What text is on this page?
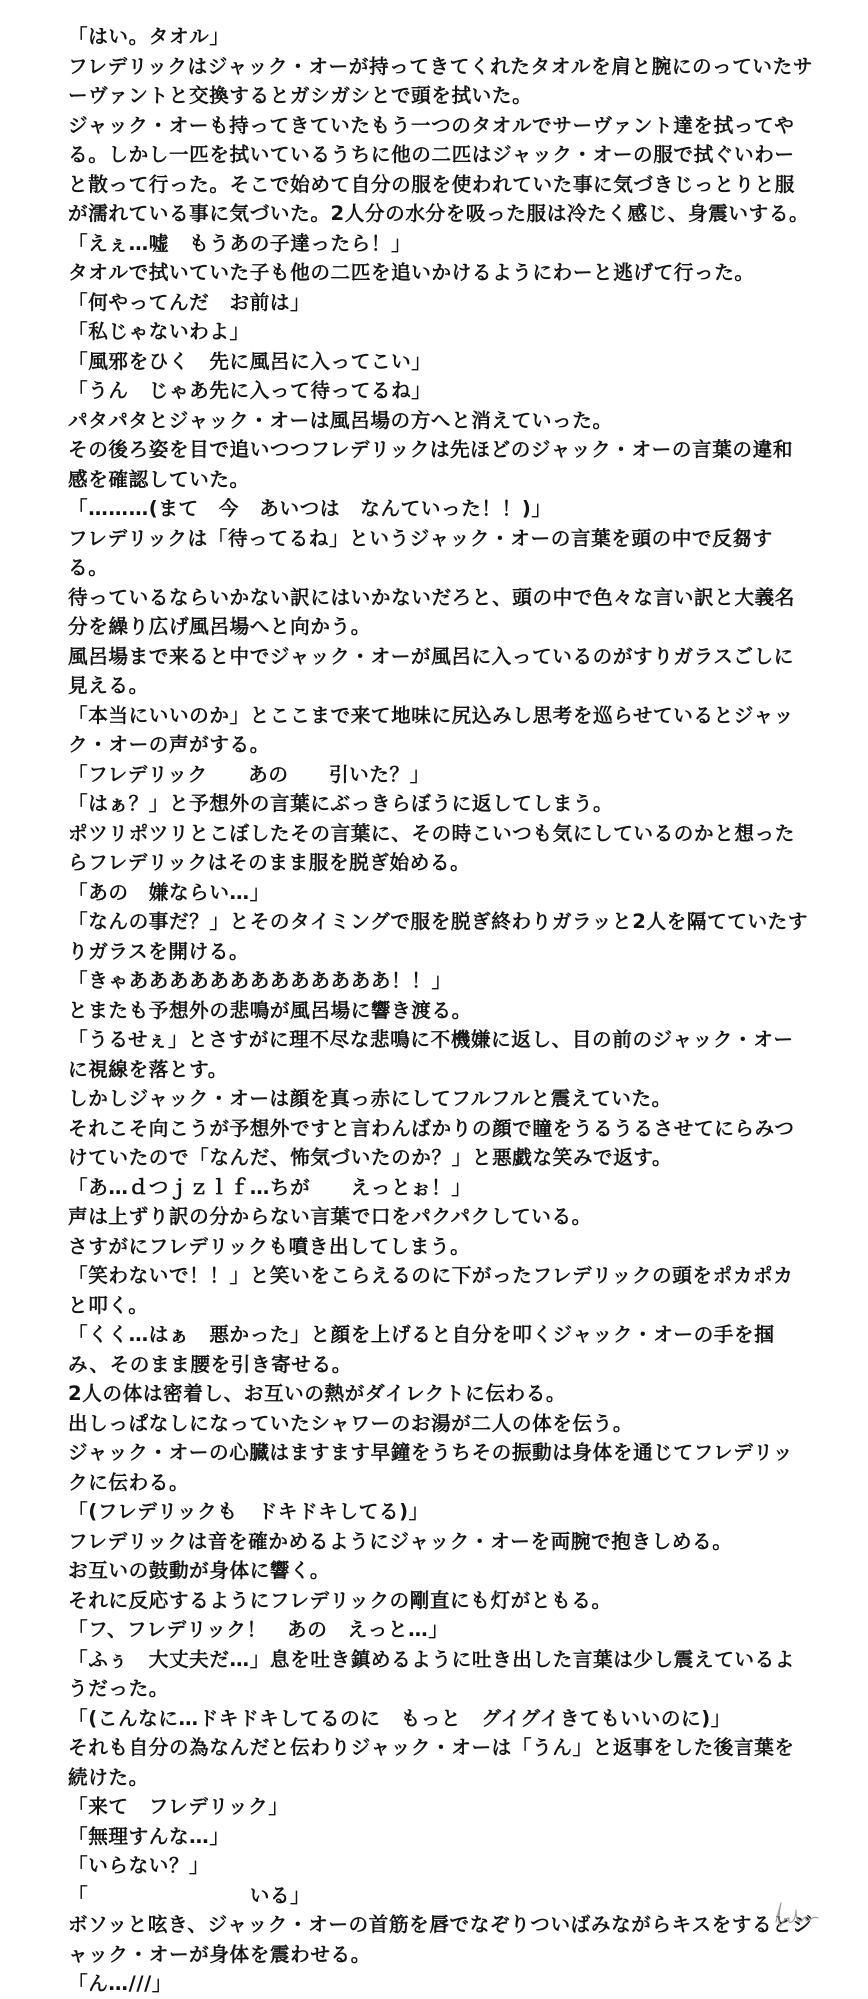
「はい。タオル」

フレデリックはジャック・オーが持ってきてくれたタオルを肩と腕にのっていたサーヴァントと交換するとガシガシとで頭を拭いた。

ジャック・オーも持ってきていたもう一つのタオルでサーヴァント達を拭ってやる。しかし一匹を拭いているうちに他の二匹はジャック・オーの服で拭ぐいわーと散って行った。そこで始めて自分の服を使われていた事に気づきじっとりと服が濡れている事に気づいた。2人分の水分を吸った服は冷たく感じ、身震いする。

「えぇ…嘘　もうあの子達ったら！」

タオルで拭いていた子も他の二匹を追いかけるようにわーと逃げて行った。

「何やってんだ　お前は」

「私じゃないわよ」

「風邪をひく　先に風呂に入ってこい」

「うん　じゃあ先に入って待ってるね」

パタパタとジャック・オーは風呂場の方へと消えていった。

その後ろ姿を目で追いつつフレデリックは先ほどのジャック・オーの言葉の違和感を確認していた。

「………(まて　今　あいつは　なんていった！！)」

フレデリックは「待ってるね」というジャック・オーの言葉を頭の中で反芻する。

待っているならいかない訳にはいかないだろと、頭の中で色々な言い訳と大義名分を繰り広げ風呂場へと向かう。

風呂場まで来ると中でジャック・オーが風呂に入っているのがすりガラスごしに見える。

「本当にいいのか」とここまで来て地味に尻込みし思考を巡らせているとジャック・オーの声がする。

「フレデリック　　あの　　引いた？」

「はぁ？」と予想外の言葉にぶっきらぼうに返してしまう。

ポツリポツリとこぼしたその言葉に、その時こいつも気にしているのかと想ったらフレデリックはそのまま服を脱ぎ始める。

「あの　嫌ならい…」

「なんの事だ？」とそのタイミングで服を脱ぎ終わりガラッと2人を隔てていたすりガラスを開ける。

「きゃあああああああああああああ！！」

とまたも予想外の悲鳴が風呂場に響き渡る。

「うるせぇ」とさすがに理不尽な悲鳴に不機嫌に返し、目の前のジャック・オーに視線を落とす。

しかしジャック・オーは顔を真っ赤にしてフルフルと震えていた。

それこそ向こうが予想外ですと言わんばかりの顔で瞳をうるうるさせてにらみつけていたので「なんだ、怖気づいたのか？」と悪戯な笑みで返す。

「あ…ｄつｊｚｌｆ…ちが　　えっとぉ！」

声は上ずり訳の分からない言葉で口をパクパクしている。

さすがにフレデリックも噴き出してしまう。

「笑わないで！！」と笑いをこらえるのに下がったフレデリックの頭をポカポカと叩く。

「くく…はぁ　悪かった」と顔を上げると自分を叩くジャック・オーの手を掴み、そのまま腰を引き寄せる。

2人の体は密着し、お互いの熱がダイレクトに伝わる。

出しっぱなしになっていたシャワーのお湯が二人の体を伝う。

ジャック・オーの心臓はますます早鐘をうちその振動は身体を通じてフレデリックに伝わる。

「(フレデリックも　ドキドキしてる)」

フレデリックは音を確かめるようにジャック・オーを両腕で抱きしめる。

お互いの鼓動が身体に響く。

それに反応するようにフレデリックの剛直にも灯がともる。

「フ、フレデリック！　あの　えっと…」

「ふぅ　大丈夫だ…」息を吐き鎮めるように吐き出した言葉は少し震えているようだった。

「(こんなに…ドキドキしてるのに　もっと　グイグイきてもいいのに)」

それも自分の為なんだと伝わりジャック・オーは「うん」と返事をした後言葉を続けた。

「来て　フレデリック」

「無理すんな…」

「いらない？」

「　　　　　　　　いる」

ボソッと呟き、ジャック・オーの首筋を唇でなぞりついばみながらキスをするとジャック・オーが身体を震わせる。

「ん…///」
